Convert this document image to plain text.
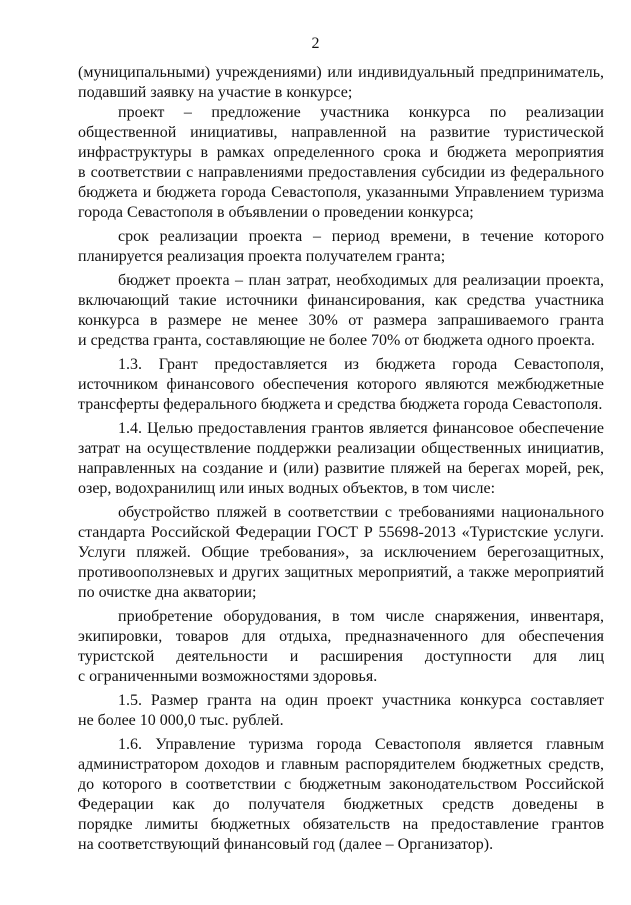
2
(муниципальными) учреждениями) или индивидуальный предприниматель,
подавший заявку на участие в конкурсе;
проект – предложение участника конкурса по реализации
общественной инициативы, направленной на развитие туристической
инфраструктуры в рамках определенного срока и бюджета мероприятия
в соответствии с направлениями предоставления субсидии из федерального
бюджета и бюджета города Севастополя, указанными Управлением туризма
города Севастополя в объявлении о проведении конкурса;
срок реализации проекта – период времени, в течение которого
планируется реализация проекта получателем гранта;
бюджет проекта – план затрат, необходимых для реализации проекта,
включающий такие источники финансирования, как средства участника
конкурса в размере не менее 30% от размера запрашиваемого гранта
и средства гранта, составляющие не более 70% от бюджета одного проекта.
1.3. Грант предоставляется из бюджета города Севастополя,
источником финансового обеспечения которого являются межбюджетные
трансферты федерального бюджета и средства бюджета города Севастополя.
1.4. Целью предоставления грантов является финансовое обеспечение
затрат на осуществление поддержки реализации общественных инициатив,
направленных на создание и (или) развитие пляжей на берегах морей, рек,
озер, водохранилищ или иных водных объектов, в том числе:
обустройство пляжей в соответствии с требованиями национального
стандарта Российской Федерации ГОСТ Р 55698-2013 «Туристские услуги.
Услуги пляжей. Общие требования», за исключением берегозащитных,
противооползневых и других защитных мероприятий, а также мероприятий
по очистке дна акватории;
приобретение оборудования, в том числе снаряжения, инвентаря,
экипировки, товаров для отдыха, предназначенного для обеспечения
туристской деятельности и расширения доступности для лиц
с ограниченными возможностями здоровья.
1.5. Размер гранта на один проект участника конкурса составляет
не более 10 000,0 тыс. рублей.
1.6. Управление туризма города Севастополя является главным
администратором доходов и главным распорядителем бюджетных средств,
до которого в соответствии с бюджетным законодательством Российской
Федерации как до получателя бюджетных средств доведены в
порядке лимиты бюджетных обязательств на предоставление грантов
на соответствующий финансовый год (далее – Организатор).
